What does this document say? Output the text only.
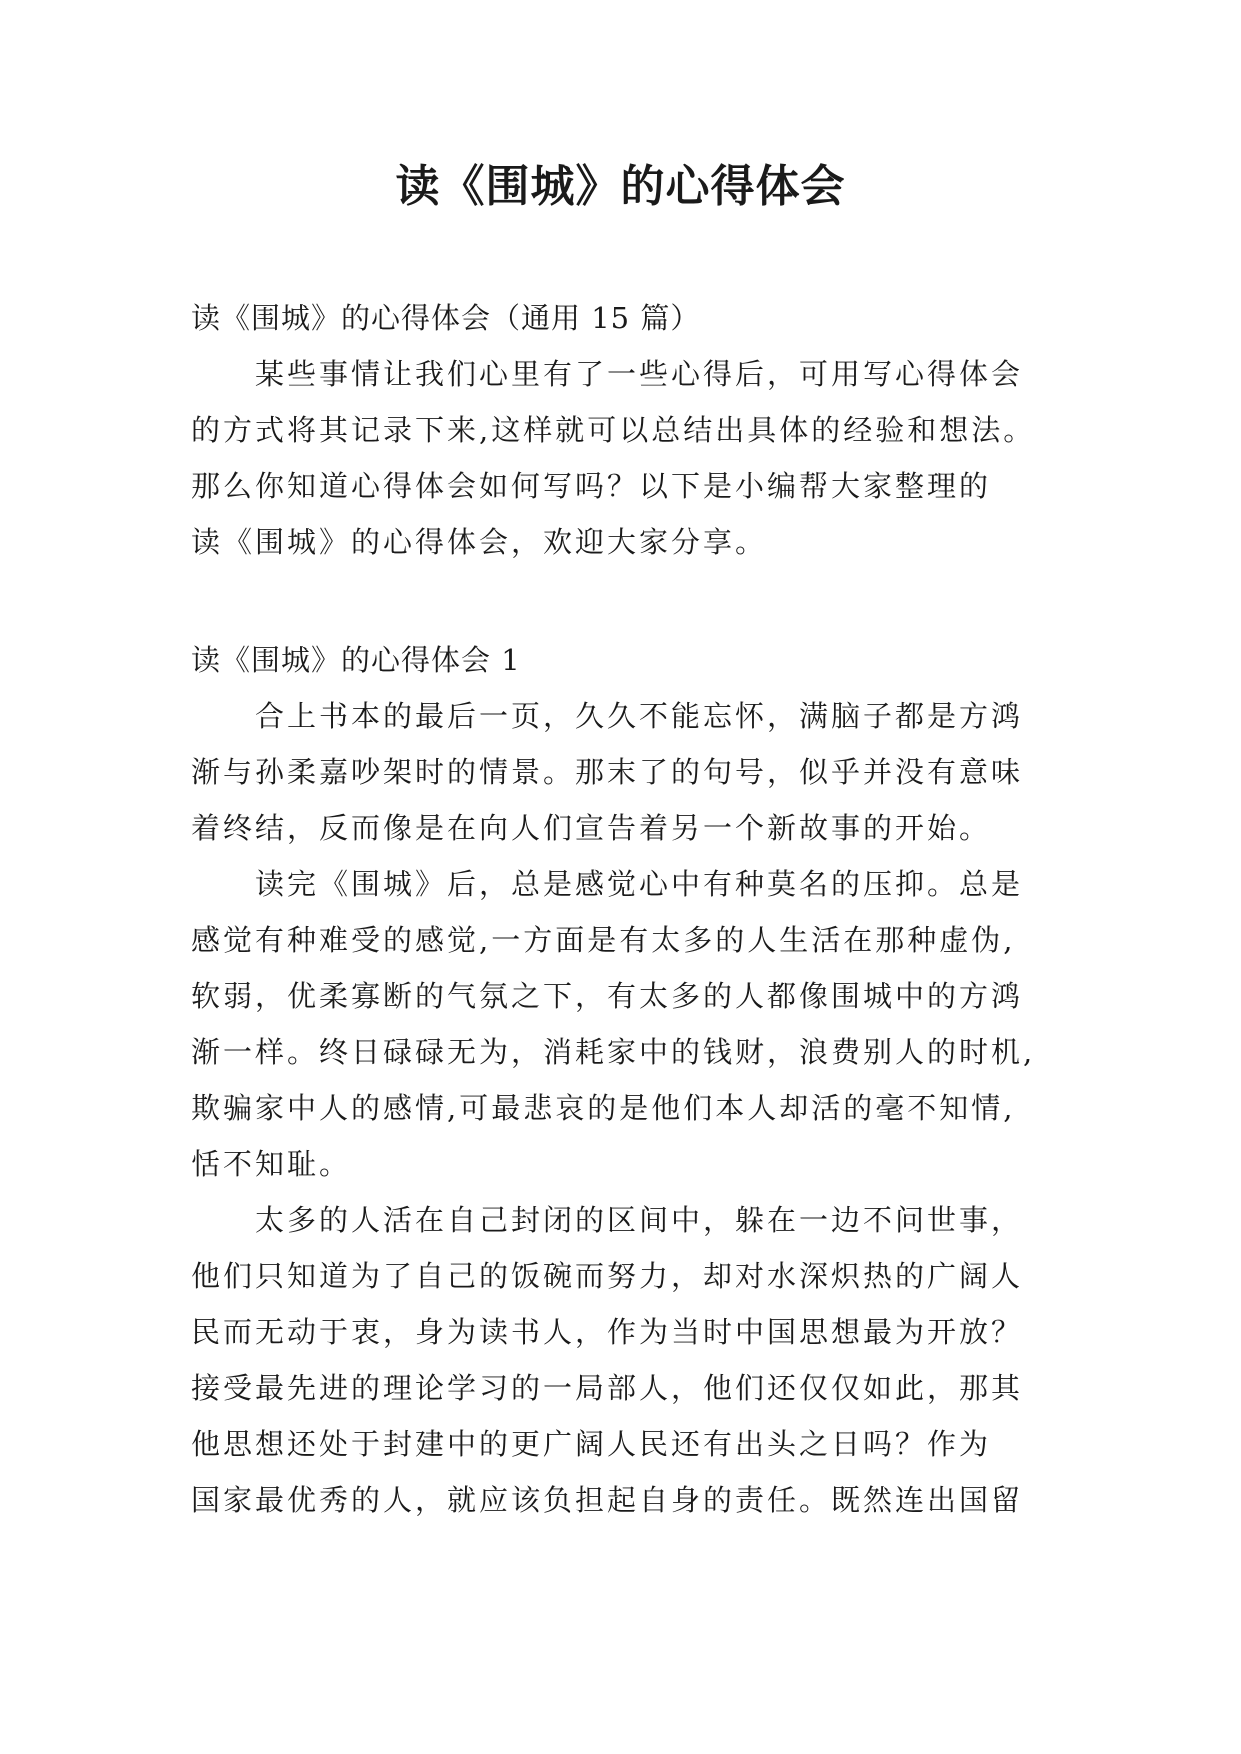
读《围城》的心得体会
读《围城》的心得体会（通用 15 篇）
某些事情让我们心里有了一些心得后，可用写心得体会
的方式将其记录下来,这样就可以总结出具体的经验和想法。
那么你知道心得体会如何写吗？以下是小编帮大家整理的
读《围城》的心得体会，欢迎大家分享。
读《围城》的心得体会 1
合上书本的最后一页，久久不能忘怀，满脑子都是方鸿
渐与孙柔嘉吵架时的情景。那末了的句号，似乎并没有意味
着终结，反而像是在向人们宣告着另一个新故事的开始。
读完《围城》后，总是感觉心中有种莫名的压抑。总是
感觉有种难受的感觉,一方面是有太多的人生活在那种虚伪,
软弱，优柔寡断的气氛之下，有太多的人都像围城中的方鸿
渐一样。终日碌碌无为，消耗家中的钱财，浪费别人的时机,
欺骗家中人的感情,可最悲哀的是他们本人却活的毫不知情,
恬不知耻。
太多的人活在自己封闭的区间中，躲在一边不问世事，
他们只知道为了自己的饭碗而努力，却对水深炽热的广阔人
民而无动于衷，身为读书人，作为当时中国思想最为开放？
接受最先进的理论学习的一局部人，他们还仅仅如此，那其
他思想还处于封建中的更广阔人民还有出头之日吗？作为
国家最优秀的人，就应该负担起自身的责任。既然连出国留
